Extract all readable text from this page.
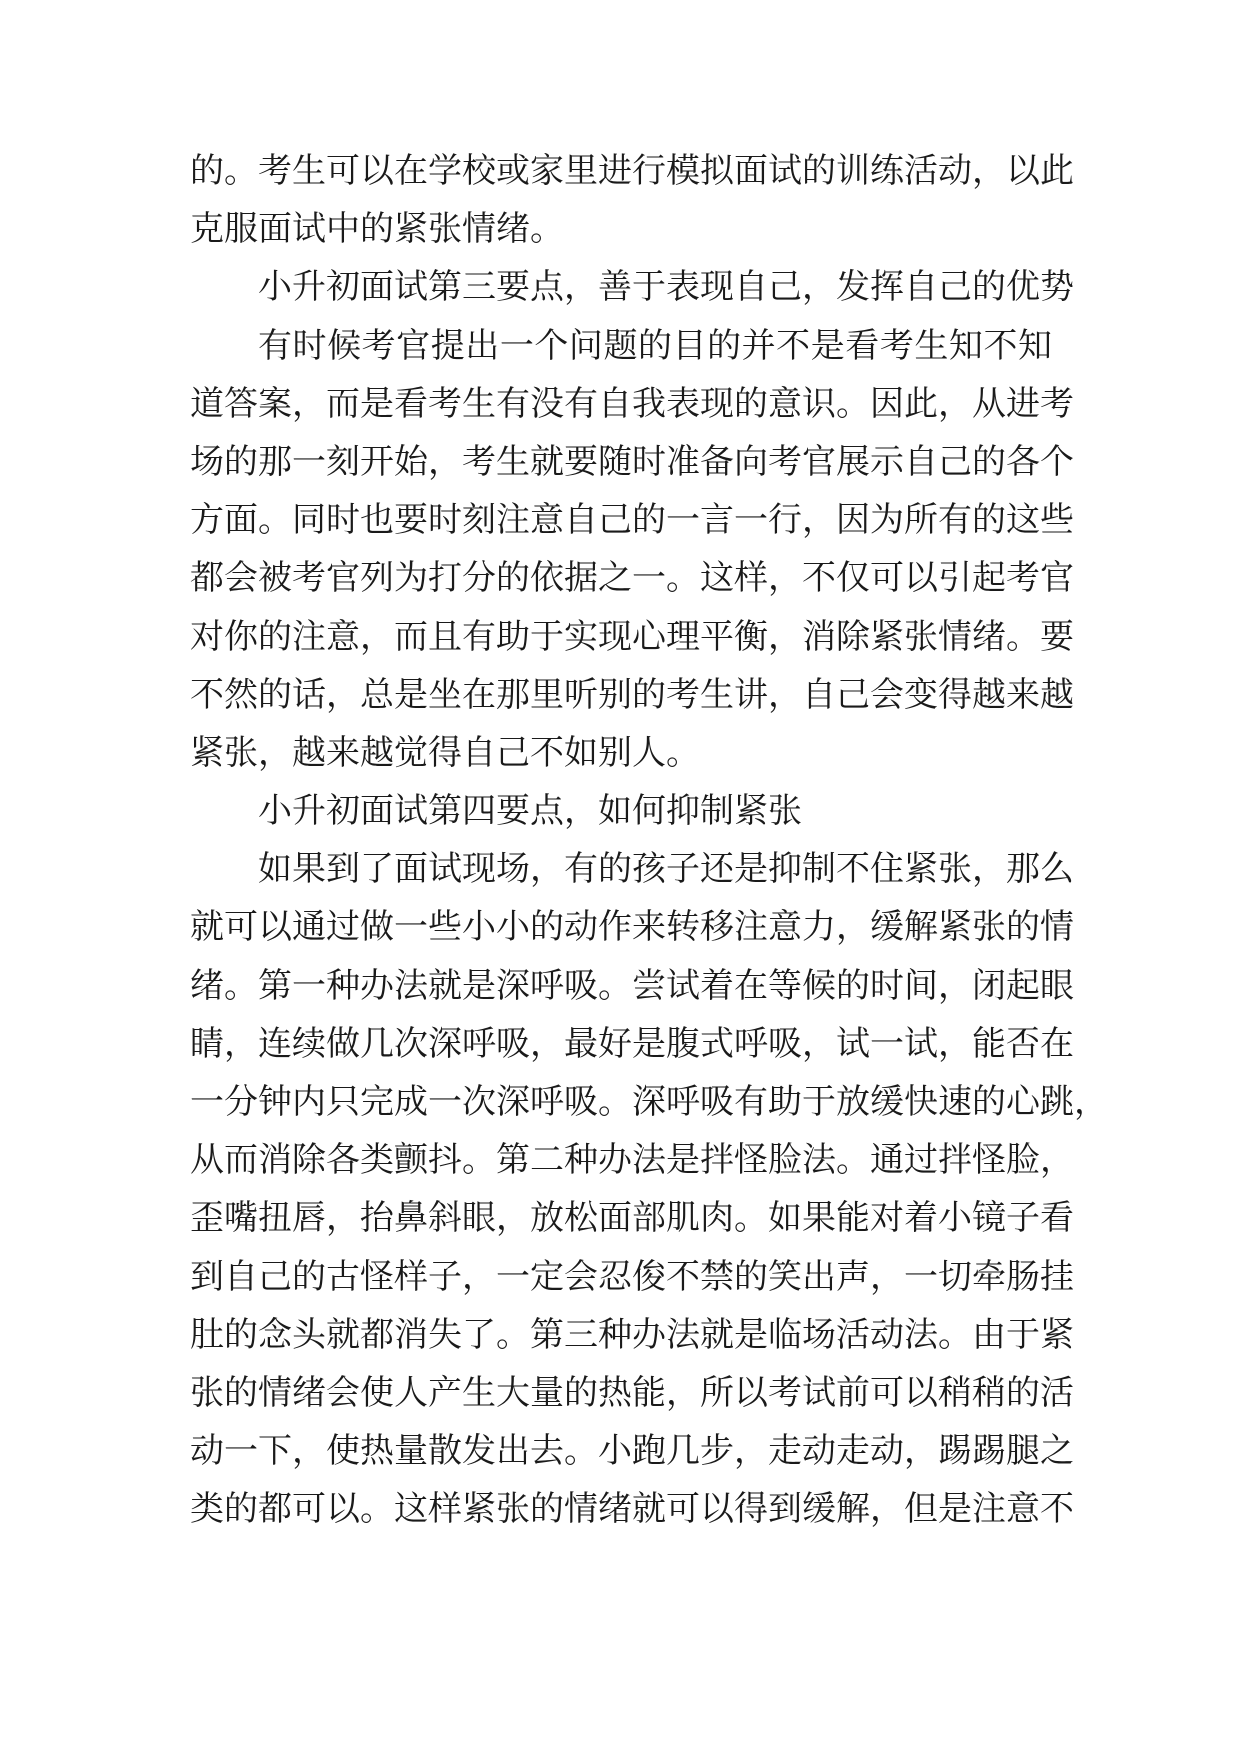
的。考生可以在学校或家里进行模拟面试的训练活动，以此
克服面试中的紧张情绪。
小升初面试第三要点，善于表现自己，发挥自己的优势
有时候考官提出一个问题的目的并不是看考生知不知
道答案，而是看考生有没有自我表现的意识。因此，从进考
场的那一刻开始，考生就要随时准备向考官展示自己的各个
方面。同时也要时刻注意自己的一言一行，因为所有的这些
都会被考官列为打分的依据之一。这样，不仅可以引起考官
对你的注意，而且有助于实现心理平衡，消除紧张情绪。要
不然的话，总是坐在那里听别的考生讲，自己会变得越来越
紧张，越来越觉得自己不如别人。
小升初面试第四要点，如何抑制紧张
如果到了面试现场，有的孩子还是抑制不住紧张，那么
就可以通过做一些小小的动作来转移注意力，缓解紧张的情
绪。第一种办法就是深呼吸。尝试着在等候的时间，闭起眼
睛，连续做几次深呼吸，最好是腹式呼吸，试一试，能否在
一分钟内只完成一次深呼吸。深呼吸有助于放缓快速的心跳，
从而消除各类颤抖。第二种办法是拌怪脸法。通过拌怪脸，
歪嘴扭唇，抬鼻斜眼，放松面部肌肉。如果能对着小镜子看
到自己的古怪样子，一定会忍俊不禁的笑出声，一切牵肠挂
肚的念头就都消失了。第三种办法就是临场活动法。由于紧
张的情绪会使人产生大量的热能，所以考试前可以稍稍的活
动一下，使热量散发出去。小跑几步，走动走动，踢踢腿之
类的都可以。这样紧张的情绪就可以得到缓解，但是注意不
